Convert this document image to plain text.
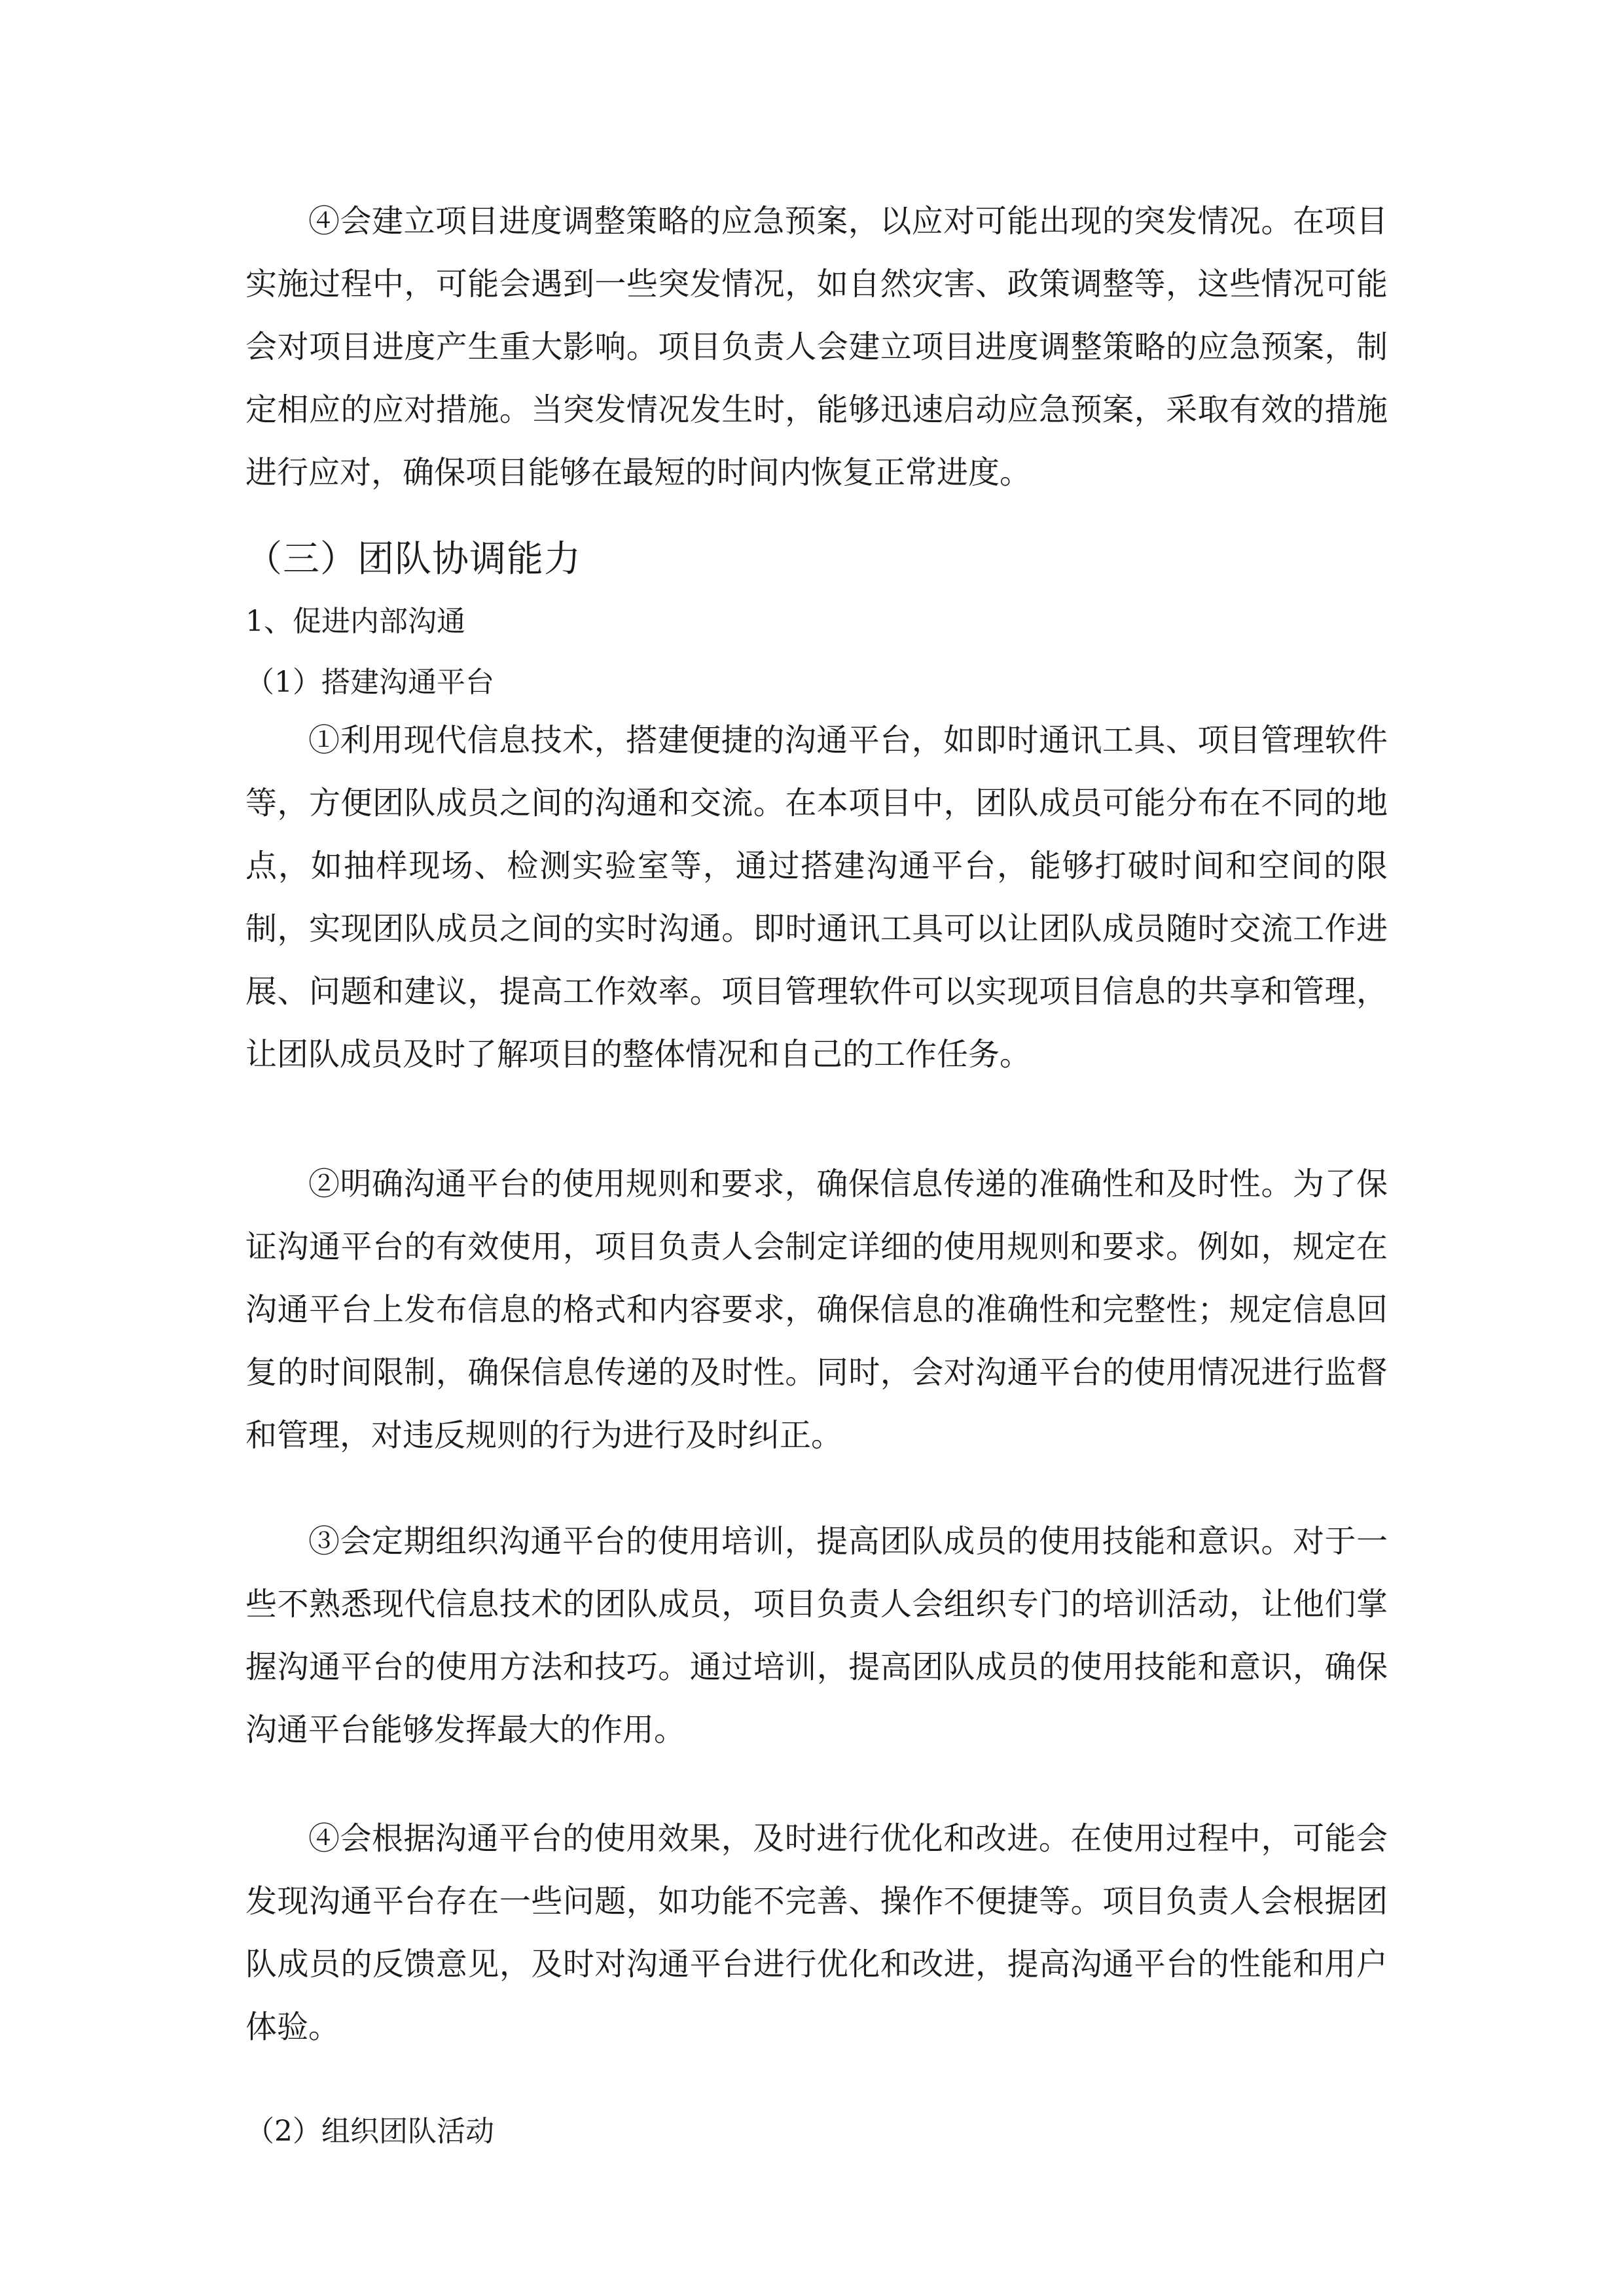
④会建立项目进度调整策略的应急预案，以应对可能出现的突发情况。在项目实施过程中，可能会遇到一些突发情况，如自然灾害、政策调整等，这些情况可能会对项目进度产生重大影响。项目负责人会建立项目进度调整策略的应急预案，制定相应的应对措施。当突发情况发生时，能够迅速启动应急预案，采取有效的措施进行应对，确保项目能够在最短的时间内恢复正常进度。

（三）团队协调能力

1、促进内部沟通

（1）搭建沟通平台

①利用现代信息技术，搭建便捷的沟通平台，如即时通讯工具、项目管理软件等，方便团队成员之间的沟通和交流。在本项目中，团队成员可能分布在不同的地点，如抽样现场、检测实验室等，通过搭建沟通平台，能够打破时间和空间的限制，实现团队成员之间的实时沟通。即时通讯工具可以让团队成员随时交流工作进展、问题和建议，提高工作效率。项目管理软件可以实现项目信息的共享和管理，让团队成员及时了解项目的整体情况和自己的工作任务。

②明确沟通平台的使用规则和要求，确保信息传递的准确性和及时性。为了保证沟通平台的有效使用，项目负责人会制定详细的使用规则和要求。例如，规定在沟通平台上发布信息的格式和内容要求，确保信息的准确性和完整性；规定信息回复的时间限制，确保信息传递的及时性。同时，会对沟通平台的使用情况进行监督和管理，对违反规则的行为进行及时纠正。

③会定期组织沟通平台的使用培训，提高团队成员的使用技能和意识。对于一些不熟悉现代信息技术的团队成员，项目负责人会组织专门的培训活动，让他们掌握沟通平台的使用方法和技巧。通过培训，提高团队成员的使用技能和意识，确保沟通平台能够发挥最大的作用。

④会根据沟通平台的使用效果，及时进行优化和改进。在使用过程中，可能会发现沟通平台存在一些问题，如功能不完善、操作不便捷等。项目负责人会根据团队成员的反馈意见，及时对沟通平台进行优化和改进，提高沟通平台的性能和用户体验。

（2）组织团队活动
